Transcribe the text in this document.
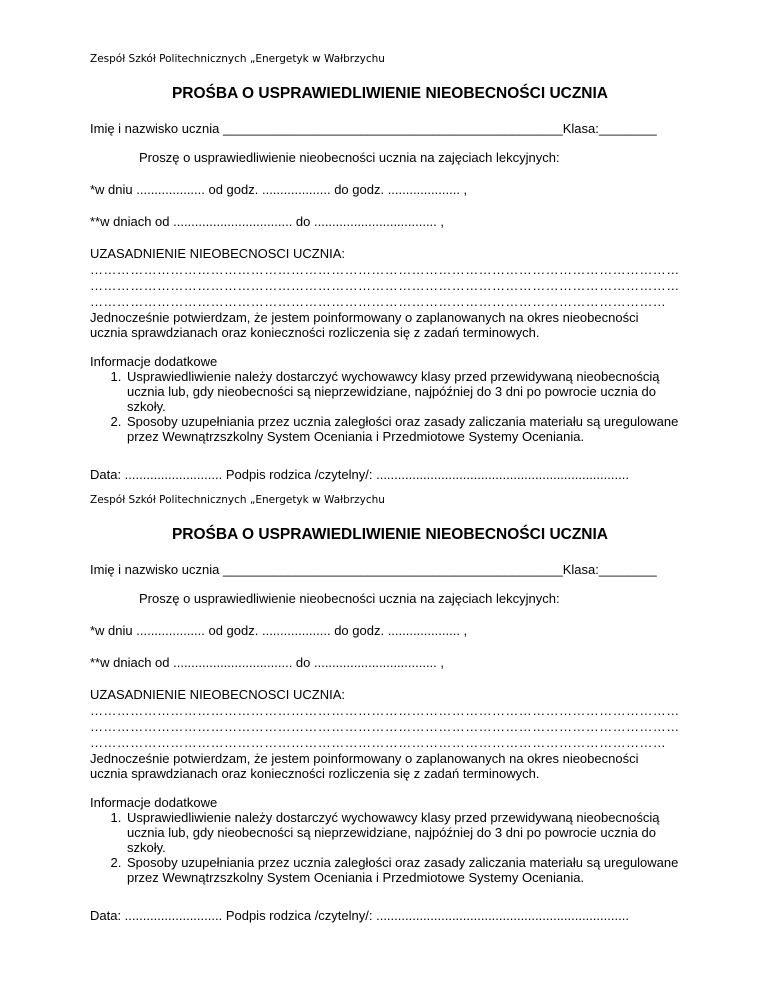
Zespół Szkół Politechnicznych „Energetyk w Wałbrzychu

PROŚBA O USPRAWIEDLIWIENIE NIEOBECNOŚCI UCZNIA

Imię i nazwisko ucznia _______________________________________________Klasa:________

Proszę o usprawiedliwienie nieobecności ucznia na zajęciach lekcyjnych:

*w dniu ................... od godz. ................... do godz. .................... ,

**w dniach od ................................. do .................................. ,

UZASADNIENIE NIEOBECNOSCI UCZNIA:

……………………………………………………………………………………………………………………

……………………………………………………………………………………………………………………

…………………………………………………………………………………………………………………

Jednocześnie potwierdzam, że jestem poinformowany o zaplanowanych na okres nieobecności

ucznia sprawdzianach oraz konieczności rozliczenia się z zadań terminowych.

Informacje dodatkowe

1. Usprawiedliwienie należy dostarczyć wychowawcy klasy przed przewidywaną nieobecnością ucznia lub, gdy nieobecności są nieprzewidziane, najpóźniej do 3 dni po powrocie ucznia do szkoły.
2. Sposoby uzupełniania przez ucznia zaległości oraz zasady zaliczania materiału są uregulowane przez Wewnątrzszkolny System Oceniania i Przedmiotowe Systemy Oceniania.

Data: ........................... Podpis rodzica /czytelny/: ......................................................................

Zespół Szkół Politechnicznych „Energetyk w Wałbrzychu

PROŚBA O USPRAWIEDLIWIENIE NIEOBECNOŚCI UCZNIA

Imię i nazwisko ucznia _______________________________________________Klasa:________

Proszę o usprawiedliwienie nieobecności ucznia na zajęciach lekcyjnych:

*w dniu ................... od godz. ................... do godz. .................... ,

**w dniach od ................................. do .................................. ,

UZASADNIENIE NIEOBECNOSCI UCZNIA:

……………………………………………………………………………………………………………………

……………………………………………………………………………………………………………………

…………………………………………………………………………………………………………………

Jednocześnie potwierdzam, że jestem poinformowany o zaplanowanych na okres nieobecności

ucznia sprawdzianach oraz konieczności rozliczenia się z zadań terminowych.

Informacje dodatkowe

1. Usprawiedliwienie należy dostarczyć wychowawcy klasy przed przewidywaną nieobecnością ucznia lub, gdy nieobecności są nieprzewidziane, najpóźniej do 3 dni po powrocie ucznia do szkoły.
2. Sposoby uzupełniania przez ucznia zaległości oraz zasady zaliczania materiału są uregulowane przez Wewnątrzszkolny System Oceniania i Przedmiotowe Systemy Oceniania.

Data: ........................... Podpis rodzica /czytelny/: ......................................................................
